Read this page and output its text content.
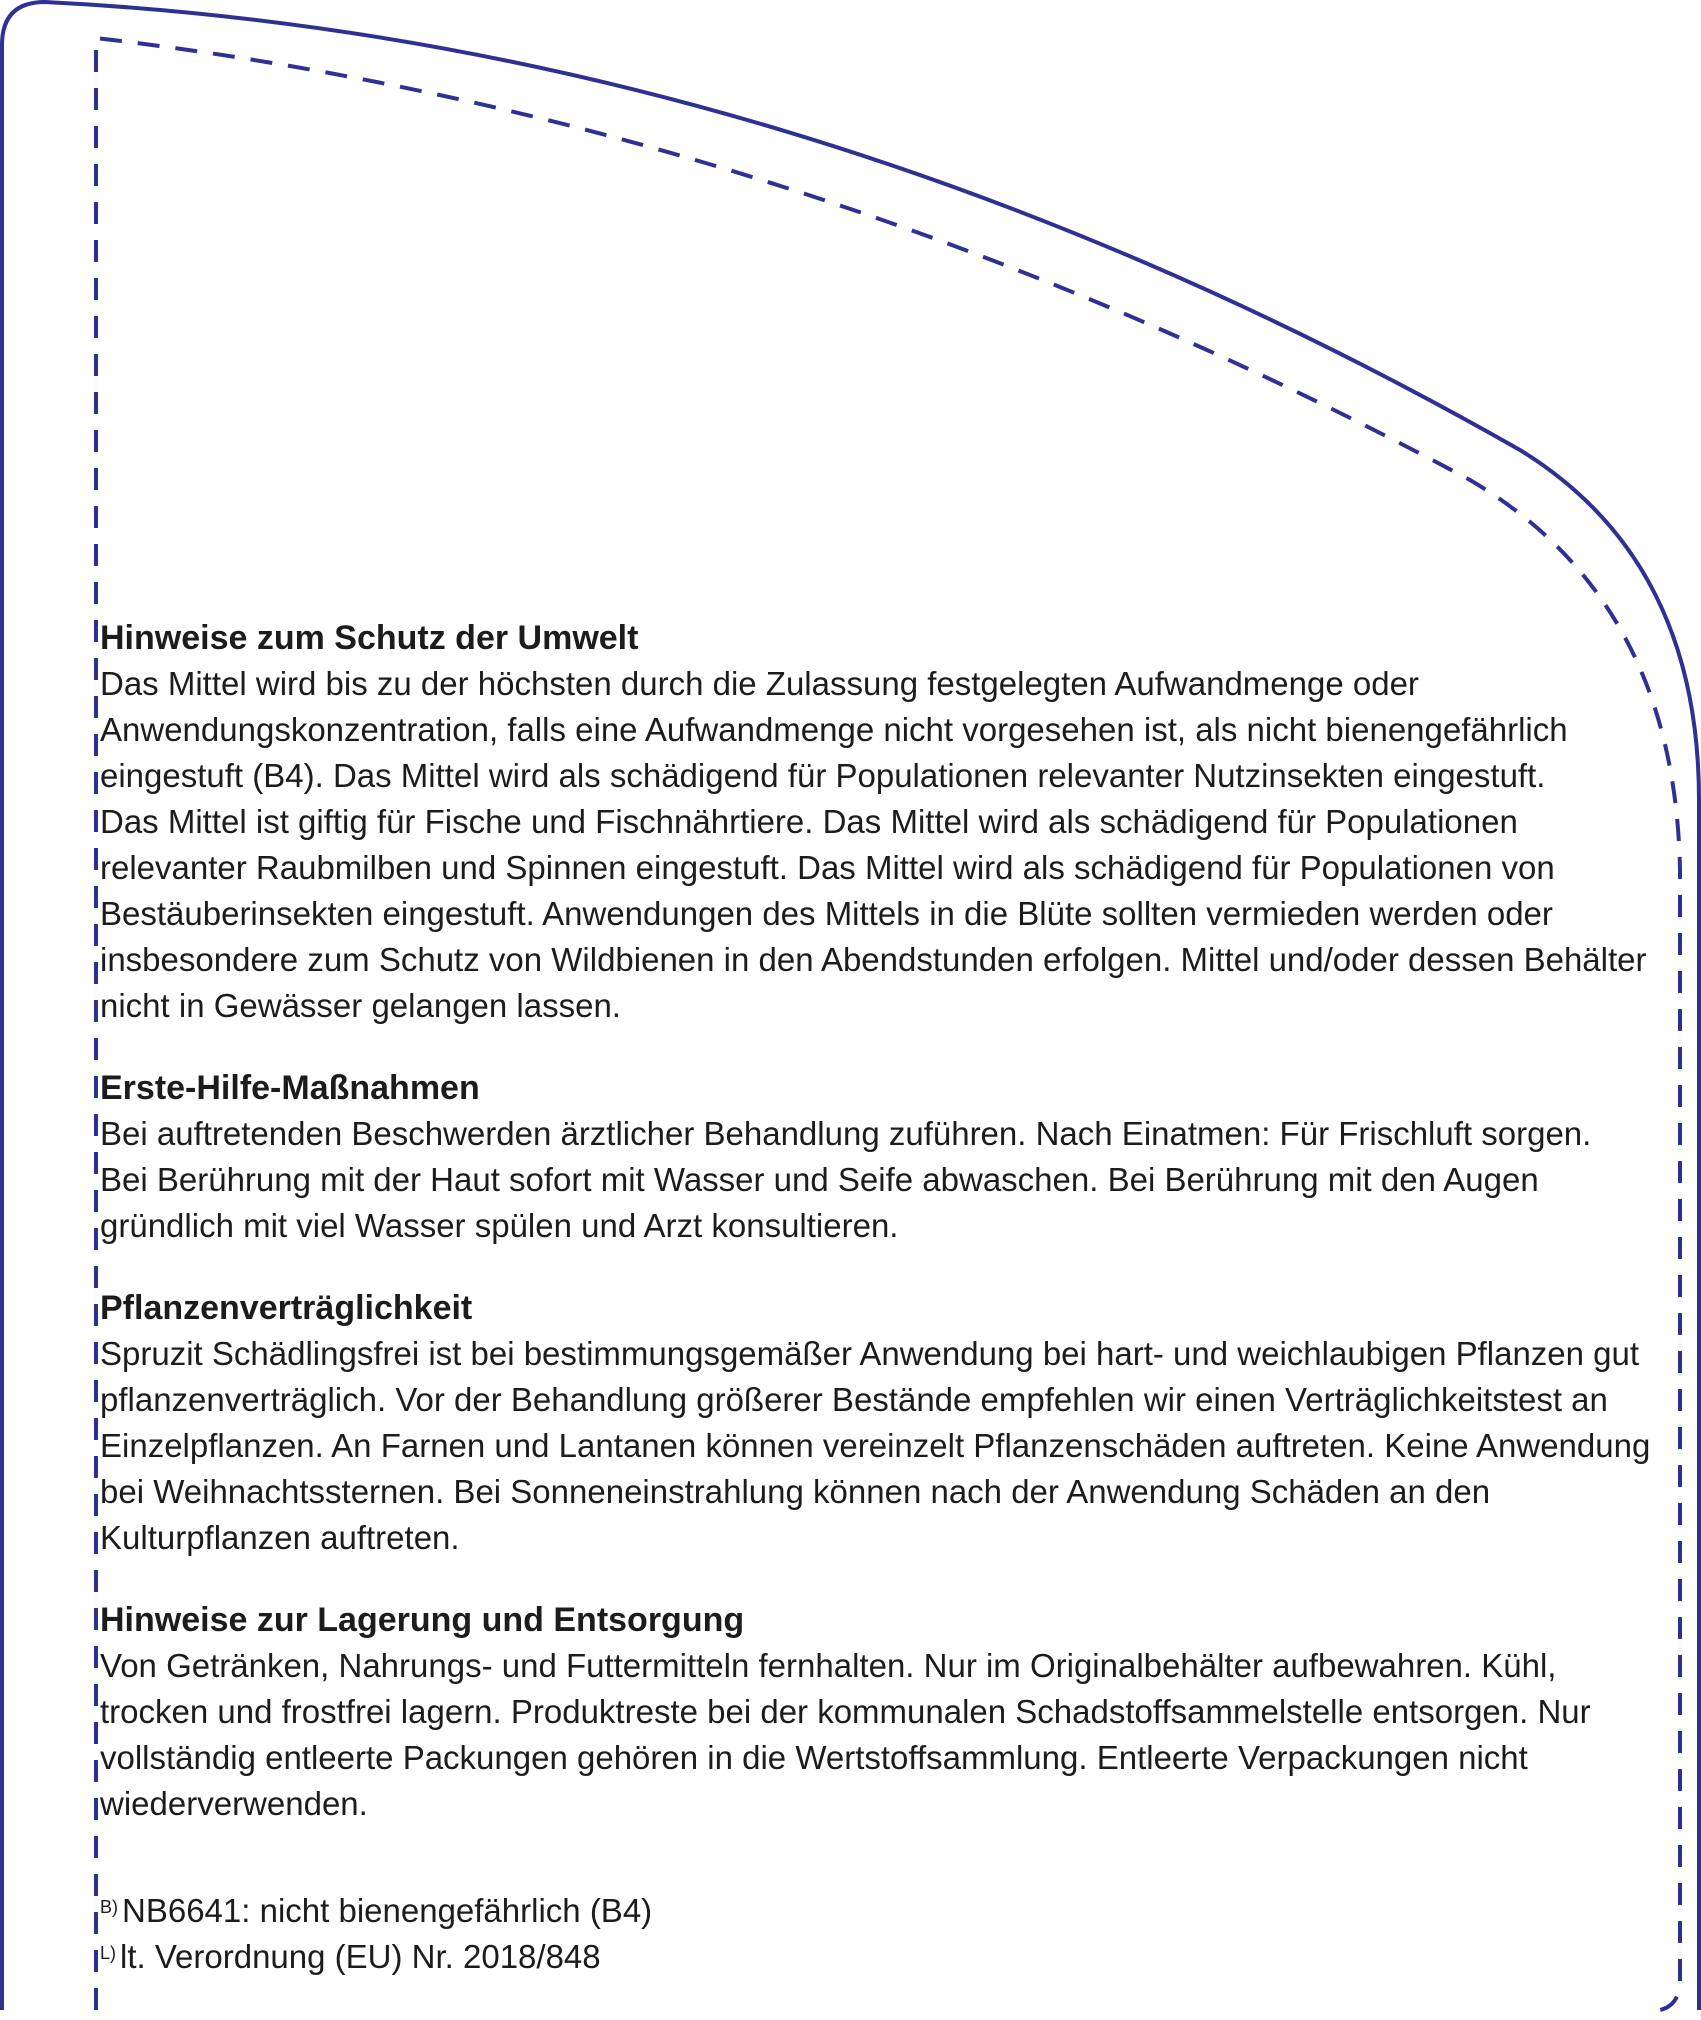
Hinweise zum Schutz der Umwelt

Das Mittel wird bis zu der höchsten durch die Zulassung festgelegten Aufwandmenge oder Anwendungskonzentration, falls eine Aufwandmenge nicht vorgesehen ist, als nicht bienengefährlich eingestuft (B4). Das Mittel wird als schädigend für Populationen relevanter Nutzinsekten eingestuft.

Das Mittel ist giftig für Fische und Fischnährtiere. Das Mittel wird als schädigend für Populationen relevanter Raubmilben und Spinnen eingestuft. Das Mittel wird als schädigend für Populationen von Bestäuberinsekten eingestuft. Anwendungen des Mittels in die Blüte sollten vermieden werden oder insbesondere zum Schutz von Wildbienen in den Abendstunden erfolgen. Mittel und/oder dessen Behälter nicht in Gewässer gelangen lassen.

Erste-Hilfe-Maßnahmen

Bei auftretenden Beschwerden ärztlicher Behandlung zuführen. Nach Einatmen: Für Frischluft sorgen.

Bei Berührung mit der Haut sofort mit Wasser und Seife abwaschen. Bei Berührung mit den Augen gründlich mit viel Wasser spülen und Arzt konsultieren.

Pflanzenverträglichkeit

Spruzit Schädlingsfrei ist bei bestimmungsgemäßer Anwendung bei hart- und weichlaubigen Pflanzen gut pflanzenverträglich. Vor der Behandlung größerer Bestände empfehlen wir einen Verträglichkeitstest an Einzelpflanzen. An Farnen und Lantanen können vereinzelt Pflanzenschäden auftreten. Keine Anwendung bei Weihnachtssternen. Bei Sonneneinstrahlung können nach der Anwendung Schäden an den Kulturpflanzen auftreten.

Hinweise zur Lagerung und Entsorgung

Von Getränken, Nahrungs- und Futtermitteln fernhalten. Nur im Originalbehälter aufbewahren. Kühl, trocken und frostfrei lagern. Produktreste bei der kommunalen Schadstoffsammelstelle entsorgen. Nur vollständig entleerte Packungen gehören in die Wertstoffsammlung. Entleerte Verpackungen nicht wiederverwenden.

$^{B)}$ NB6641: nicht bienengefährlich (B4)
$^{L)}$ lt. Verordnung (EU) Nr. 2018/848
